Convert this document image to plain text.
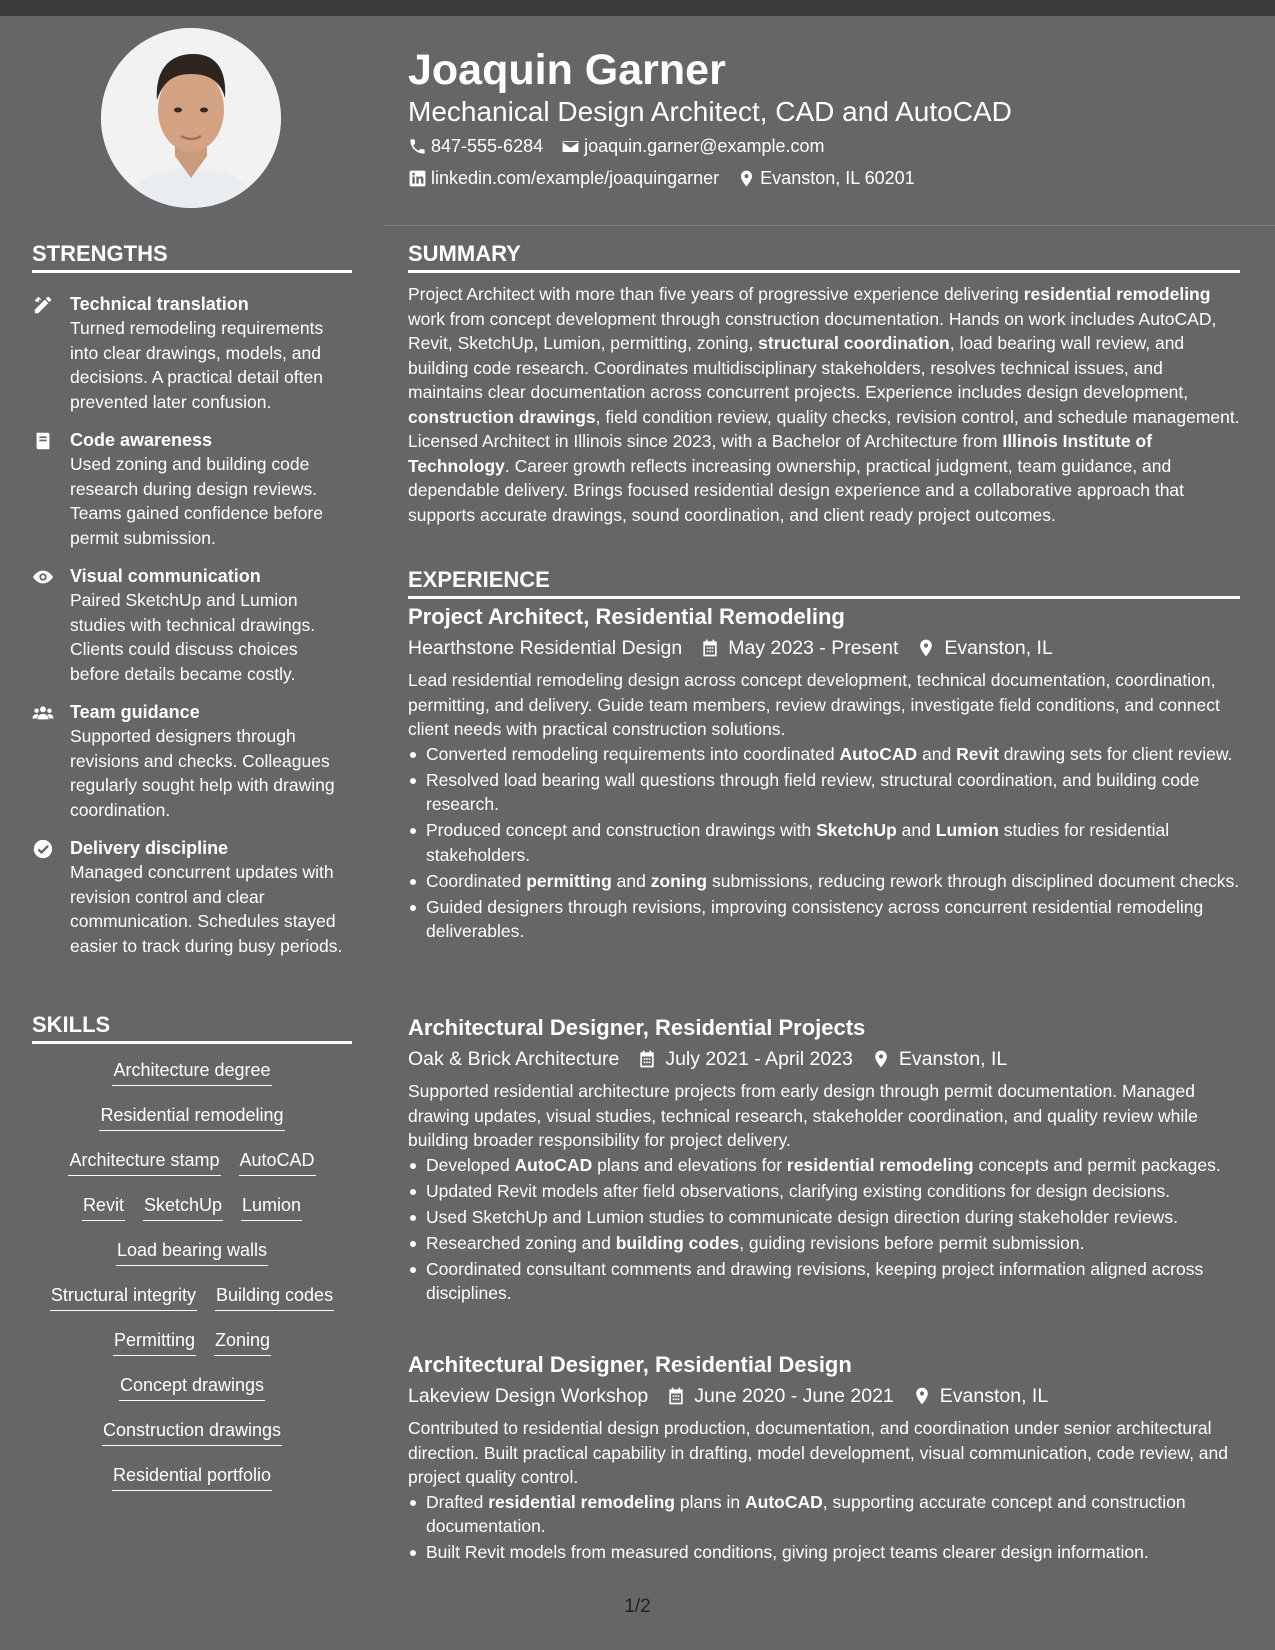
Joaquin Garner
Mechanical Design Architect, CAD and AutoCAD
847-555-6284 joaquin.garner@example.com
linkedin.com/example/joaquingarner Evanston, IL 60201
STRENGTHS
Technical translation
Turned remodeling requirements into clear drawings, models, and decisions. A practical detail often prevented later confusion.
Code awareness
Used zoning and building code research during design reviews. Teams gained confidence before permit submission.
Visual communication
Paired SketchUp and Lumion studies with technical drawings. Clients could discuss choices before details became costly.
Team guidance
Supported designers through revisions and checks. Colleagues regularly sought help with drawing coordination.
Delivery discipline
Managed concurrent updates with revision control and clear communication. Schedules stayed easier to track during busy periods.
SKILLS
Architecture degree
Residential remodeling
Architecture stamp AutoCAD
Revit SketchUp Lumion
Load bearing walls
Structural integrity Building codes
Permitting Zoning
Concept drawings
Construction drawings
Residential portfolio
SUMMARY
Project Architect with more than five years of progressive experience delivering residential remodeling work from concept development through construction documentation. Hands on work includes AutoCAD, Revit, SketchUp, Lumion, permitting, zoning, structural coordination, load bearing wall review, and building code research. Coordinates multidisciplinary stakeholders, resolves technical issues, and maintains clear documentation across concurrent projects. Experience includes design development, construction drawings, field condition review, quality checks, revision control, and schedule management. Licensed Architect in Illinois since 2023, with a Bachelor of Architecture from Illinois Institute of Technology. Career growth reflects increasing ownership, practical judgment, team guidance, and dependable delivery. Brings focused residential design experience and a collaborative approach that supports accurate drawings, sound coordination, and client ready project outcomes.
EXPERIENCE
Project Architect, Residential Remodeling
Hearthstone Residential Design May 2023 - Present Evanston, IL
Lead residential remodeling design across concept development, technical documentation, coordination, permitting, and delivery. Guide team members, review drawings, investigate field conditions, and connect client needs with practical construction solutions.
Converted remodeling requirements into coordinated AutoCAD and Revit drawing sets for client review.
Resolved load bearing wall questions through field review, structural coordination, and building code research.
Produced concept and construction drawings with SketchUp and Lumion studies for residential stakeholders.
Coordinated permitting and zoning submissions, reducing rework through disciplined document checks.
Guided designers through revisions, improving consistency across concurrent residential remodeling deliverables.
Architectural Designer, Residential Projects
Oak & Brick Architecture July 2021 - April 2023 Evanston, IL
Supported residential architecture projects from early design through permit documentation. Managed drawing updates, visual studies, technical research, stakeholder coordination, and quality review while building broader responsibility for project delivery.
Developed AutoCAD plans and elevations for residential remodeling concepts and permit packages.
Updated Revit models after field observations, clarifying existing conditions for design decisions.
Used SketchUp and Lumion studies to communicate design direction during stakeholder reviews.
Researched zoning and building codes, guiding revisions before permit submission.
Coordinated consultant comments and drawing revisions, keeping project information aligned across disciplines.
Architectural Designer, Residential Design
Lakeview Design Workshop June 2020 - June 2021 Evanston, IL
Contributed to residential design production, documentation, and coordination under senior architectural direction. Built practical capability in drafting, model development, visual communication, code review, and project quality control.
Drafted residential remodeling plans in AutoCAD, supporting accurate concept and construction documentation.
Built Revit models from measured conditions, giving project teams clearer design information.
1/2
